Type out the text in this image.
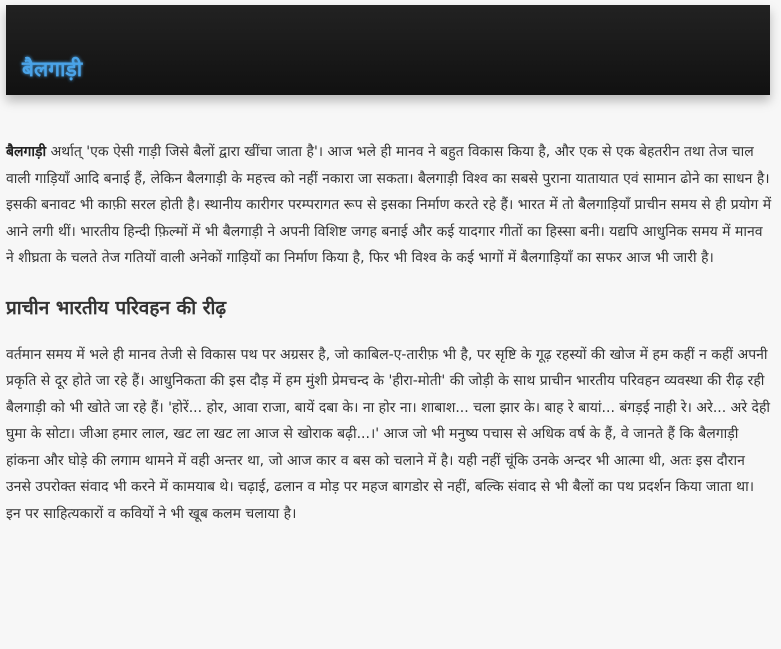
बैलगाड़ी

बैलगाड़ी अर्थात् 'एक ऐसी गाड़ी जिसे बैलों द्वारा खींचा जाता है'। आज भले ही मानव ने बहुत विकास किया है, और एक से एक बेहतरीन तथा तेज चाल वाली गाड़ियाँ आदि बनाई हैं, लेकिन बैलगाड़ी के महत्त्व को नहीं नकारा जा सकता। बैलगाड़ी विश्व का सबसे पुराना यातायात एवं सामान ढोने का साधन है। इसकी बनावट भी काफ़ी सरल होती है। स्थानीय कारीगर परम्परागत रूप से इसका निर्माण करते रहे हैं। भारत में तो बैलगाड़ियाँ प्राचीन समय से ही प्रयोग में आने लगी थीं। भारतीय हिन्दी फ़िल्मों में भी बैलगाड़ी ने अपनी विशिष्ट जगह बनाई और कई यादगार गीतों का हिस्सा बनी। यद्यपि आधुनिक समय में मानव ने शीघ्रता के चलते तेज गतियों वाली अनेकों गाड़ियों का निर्माण किया है, फिर भी विश्व के कई भागों में बैलगाड़ियाँ का सफर आज भी जारी है।

प्राचीन भारतीय परिवहन की रीढ़

वर्तमान समय में भले ही मानव तेजी से विकास पथ पर अग्रसर है, जो काबिल-ए-तारीफ़ भी है, पर सृष्टि के गूढ़ रहस्यों की खोज में हम कहीं न कहीं अपनी प्रकृति से दूर होते जा रहे हैं। आधुनिकता की इस दौड़ में हम मुंशी प्रेमचन्द के 'हीरा-मोती' की जोड़ी के साथ प्राचीन भारतीय परिवहन व्यवस्था की रीढ़ रही बैलगाड़ी को भी खोते जा रहे हैं। 'होरें... होर, आवा राजा, बायें दबा के। ना होर ना। शाबाश... चला झार के। बाह रे बायां... बंगड़ई नाही रे। अरे... अरे देही घुमा के सोटा। जीआ हमार लाल, खट ला खट ला आज से खोराक बढ़ी...।' आज जो भी मनुष्य पचास से अधिक वर्ष के हैं, वे जानते हैं कि बैलगाड़ी हांकना और घोड़े की लगाम थामने में वही अन्तर था, जो आज कार व बस को चलाने में है। यही नहीं चूंकि उनके अन्दर भी आत्मा थी, अतः इस दौरान उनसे उपरोक्त संवाद भी करने में कामयाब थे। चढ़ाई, ढलान व मोड़ पर महज बागडोर से नहीं, बल्कि संवाद से भी बैलों का पथ प्रदर्शन किया जाता था। इन पर साहित्यकारों व कवियों ने भी खूब कलम चलाया है।
